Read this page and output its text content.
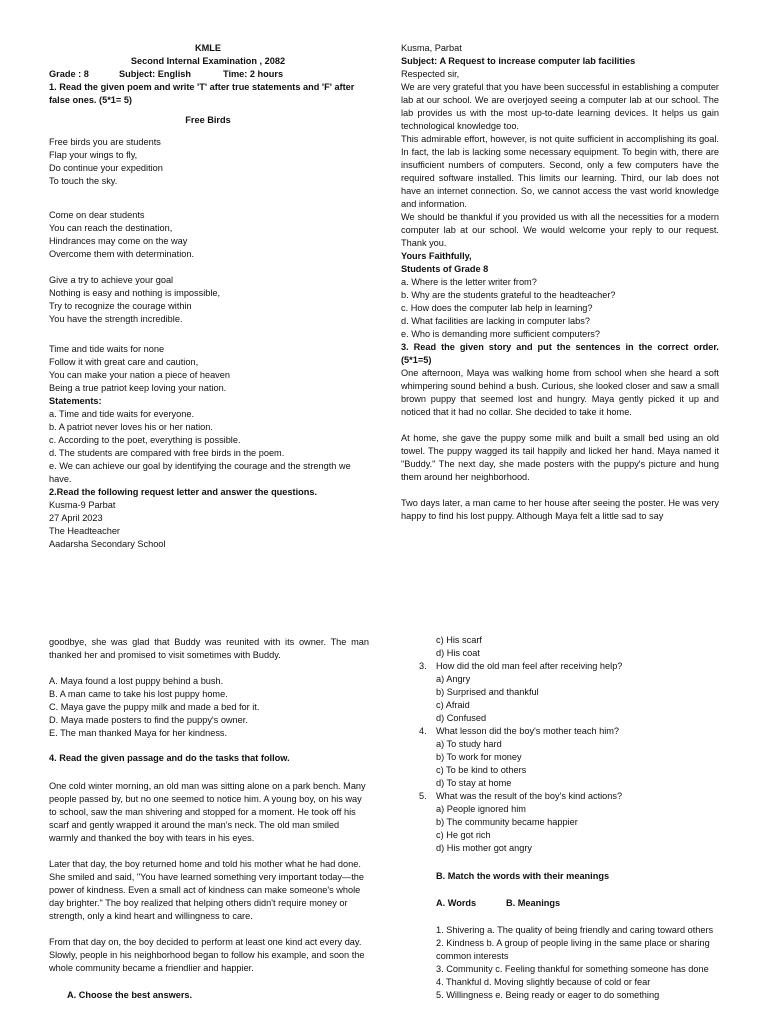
KMLE

Second Internal Examination , 2082

Grade : 8	Subject: English	Time: 2 hours

1. Read the given poem and write 'T' after true statements and 'F' after false ones. (5*1= 5)

Free Birds

Free birds you are students

Flap your wings to fly,

Do continue your expedition

To touch the sky.

Come on dear students

You can reach the destination,

Hindrances may come on the way

Overcome them with determination.

Give a try to achieve your goal

Nothing is easy and nothing is impossible,

Try to recognize the courage within

You have the strength incredible.

Time and tide waits for none

Follow it with great care and caution,

You can make your nation a piece of heaven

Being a true patriot keep loving your nation.

Statements:

a. Time and tide waits for everyone.

b. A patriot never loves his or her nation.

c. According to the poet, everything is possible.

d. The students are compared with free birds in the poem.

e. We can achieve our goal by identifying the courage and the strength we have.

2.Read the following request letter and answer the questions.

Kusma-9 Parbat

27 April 2023

The Headteacher

Aadarsha Secondary School

Kusma, Parbat

Subject: A Request to increase computer lab facilities

Respected sir,

We are very grateful that you have been successful in establishing a computer lab at our school. We are overjoyed seeing a computer lab at our school. The lab provides us with the most up-to-date learning devices. It helps us gain technological knowledge too.

This admirable effort, however, is not quite sufficient in accomplishing its goal. In fact, the lab is lacking some necessary equipment. To begin with, there are insufficient numbers of computers. Second, only a few computers have the required software installed. This limits our learning. Third, our lab does not have an internet connection. So, we cannot access the vast world knowledge and information.

We should be thankful if you provided us with all the necessities for a modern computer lab at our school. We would welcome your reply to our request. Thank you.

Yours Faithfully,

Students of Grade 8

a. Where is the letter writer from?

b. Why are the students grateful to the headteacher?

c. How does the computer lab help in learning?

d. What facilities are lacking in computer labs?

e. Who is demanding more sufficient computers?

3. Read the given story and put the sentences in the correct order. (5*1=5)

One afternoon, Maya was walking home from school when she heard a soft whimpering sound behind a bush. Curious, she looked closer and saw a small brown puppy that seemed lost and hungry. Maya gently picked it up and noticed that it had no collar. She decided to take it home.

At home, she gave the puppy some milk and built a small bed using an old towel. The puppy wagged its tail happily and licked her hand. Maya named it "Buddy." The next day, she made posters with the puppy's picture and hung them around her neighborhood.

Two days later, a man came to her house after seeing the poster. He was very happy to find his lost puppy. Although Maya felt a little sad to say

goodbye, she was glad that Buddy was reunited with its owner. The man thanked her and promised to visit sometimes with Buddy.

A. Maya found a lost puppy behind a bush.

B. A man came to take his lost puppy home.

C. Maya gave the puppy milk and made a bed for it.

D. Maya made posters to find the puppy's owner.

E. The man thanked Maya for her kindness.

4. Read the given passage and do the tasks that follow.

One cold winter morning, an old man was sitting alone on a park bench. Many people passed by, but no one seemed to notice him. A young boy, on his way to school, saw the man shivering and stopped for a moment. He took off his scarf and gently wrapped it around the man's neck. The old man smiled warmly and thanked the boy with tears in his eyes.

Later that day, the boy returned home and told his mother what he had done. She smiled and said, "You have learned something very important today—the power of kindness. Even a small act of kindness can make someone's whole day brighter." The boy realized that helping others didn't require money or strength, only a kind heart and willingness to care.

From that day on, the boy decided to perform at least one kind act every day. Slowly, people in his neighborhood began to follow his example, and soon the whole community became a friendlier and happier.

A. Choose the best answers.

c) His scarf

d) His coat

3.	How did the old man feel after receiving help?

a) Angry

b) Surprised and thankful

c) Afraid

d) Confused

4.	What lesson did the boy's mother teach him?

a) To study hard

b) To work for money

c) To be kind to others

d) To stay at home

5.	What was the result of the boy's kind actions?

a) People ignored him

b) The community became happier

c) He got rich

d) His mother got angry

B. Match the words with their meanings

A. Words	B. Meanings

1. Shivering a. The quality of being friendly and caring toward others

2. Kindness b. A group of people living in the same place or sharing common interests

3. Community c. Feeling thankful for something someone has done

4. Thankful d. Moving slightly because of cold or fear

5. Willingness e. Being ready or eager to do something
